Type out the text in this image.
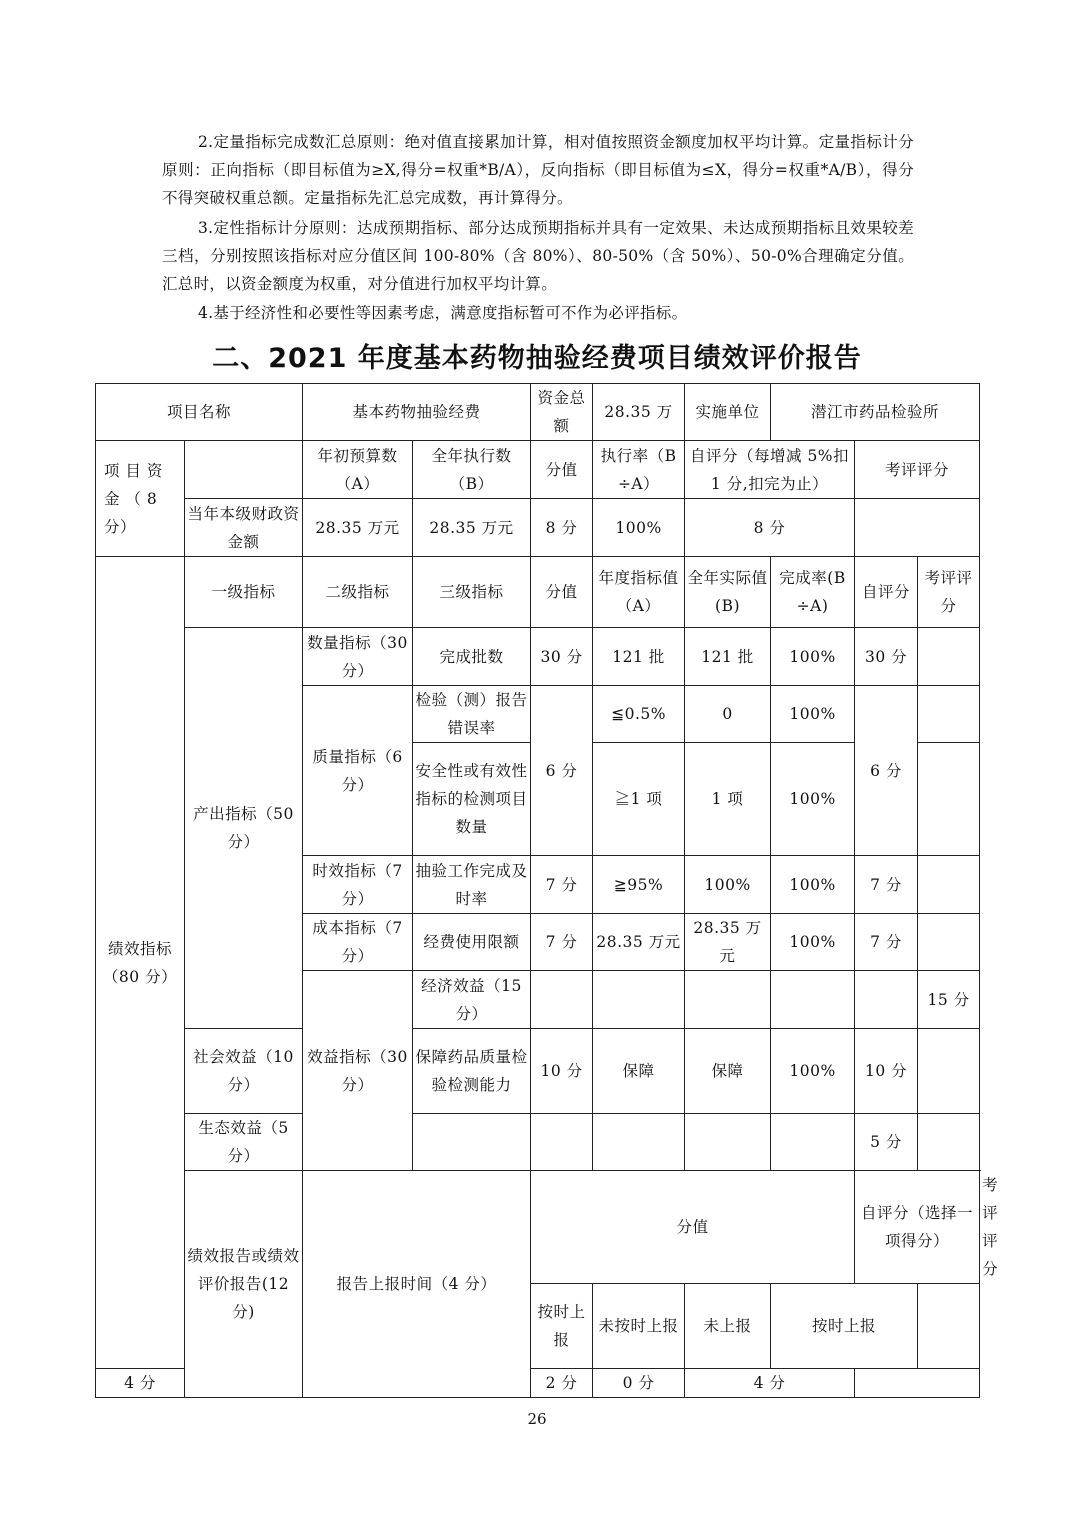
2.定量指标完成数汇总原则：绝对值直接累加计算，相对值按照资金额度加权平均计算。定量指标计分原则：正向指标（即目标值为≥X,得分=权重*B/A），反向指标（即目标值为≤X，得分=权重*A/B），得分不得突破权重总额。定量指标先汇总完成数，再计算得分。

3.定性指标计分原则：达成预期指标、部分达成预期指标并具有一定效果、未达成预期指标且效果较差三档，分别按照该指标对应分值区间 100-80%（含 80%）、80-50%（含 50%）、50-0%合理确定分值。汇总时，以资金额度为权重，对分值进行加权平均计算。

4.基于经济性和必要性等因素考虑，满意度指标暂可不作为必评指标。

二、2021 年度基本药物抽验经费项目绩效评价报告
项目名称		基本药物抽验经费		资金总额	28.35 万	实施单位	潜江市药品检验所			
项 目 资 金 （ 8 分）		年初预算数（A）	全年执行数（B）	分值	执行率（B÷A）	自评分（每增减 5%扣 1 分,扣完为止）		考评评分		
	当年本级财政资金额	28.35 万元	28.35 万元	8 分	100%	8 分				
绩效指标（80 分）	一级指标	二级指标	三级指标	分值	年度指标值（A）	全年实际值(B)	完成率(B÷A)	自评分	考评评分	
	产出指标（50 分）	数量指标（30 分）	完成批数	30 分	121 批	121 批	100%	30 分		
		质量指标（6 分）	检验（测）报告错误率	6 分	≦0.5%	0	100%	6 分		
			安全性或有效性指标的检测项目数量		≧1 项	1 项	100%			
		时效指标（7 分）	抽验工作完成及时率	7 分	≧95%	100%	100%	7 分		
		成本指标（7 分）	经费使用限额	7 分	28.35 万元	28.35 万元	100%	7 分		
		效益指标（30 分）	经济效益（15 分）						15 分	
	社会效益（10 分）		保障药品质量检验检测能力	10 分	保障	保障	100%	10 分		
	生态效益（5 分）							5 分		
	绩效报告或绩效评价报告(12 分)	报告上报时间（4 分）		分值				自评分（选择一项得分）		考评评分
				按时上报	未按时上报	未上报	按时上报			
4 分				2 分	0 分	4 分				
26
